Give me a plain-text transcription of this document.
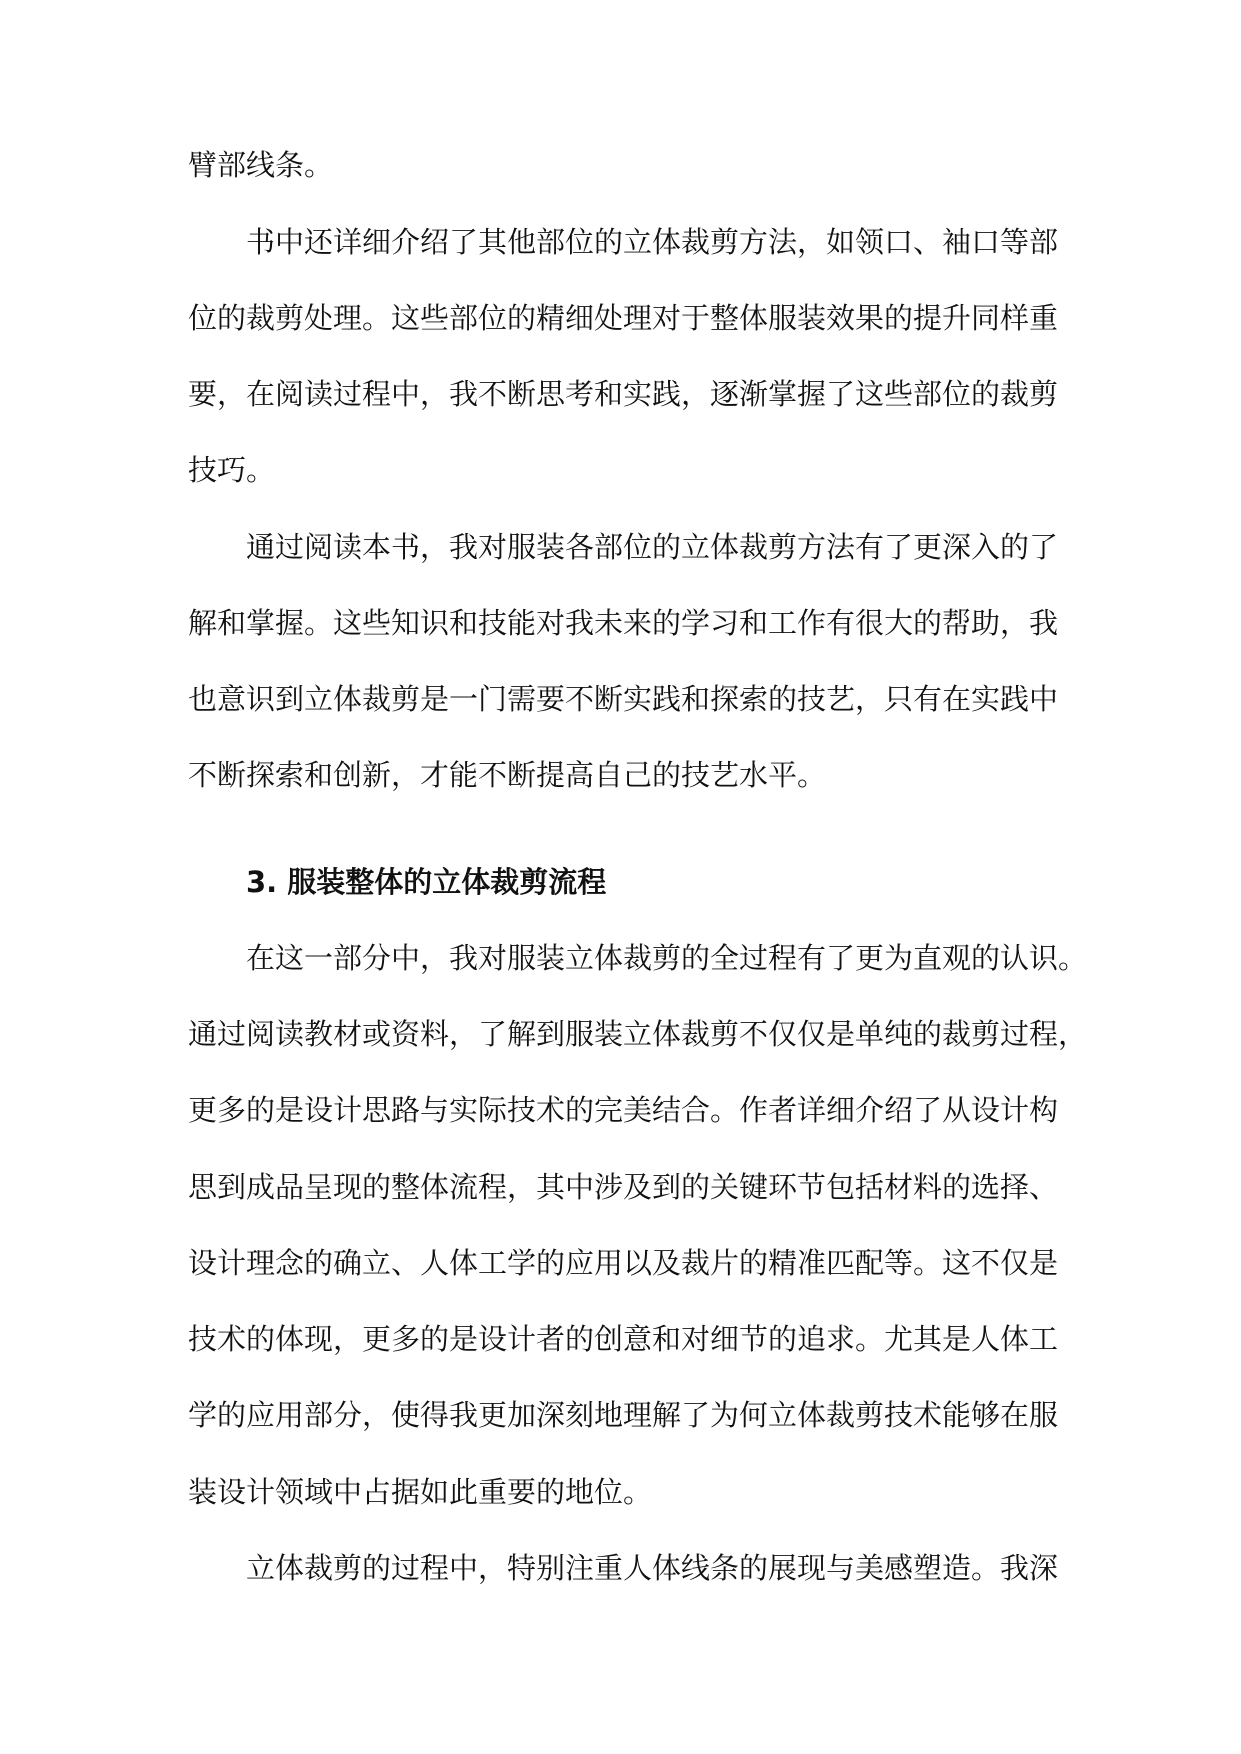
臂部线条。
书中还详细介绍了其他部位的立体裁剪方法，如领口、袖口等部
位的裁剪处理。这些部位的精细处理对于整体服装效果的提升同样重
要，在阅读过程中，我不断思考和实践，逐渐掌握了这些部位的裁剪
技巧。
通过阅读本书，我对服装各部位的立体裁剪方法有了更深入的了
解和掌握。这些知识和技能对我未来的学习和工作有很大的帮助，我
也意识到立体裁剪是一门需要不断实践和探索的技艺，只有在实践中
不断探索和创新，才能不断提高自己的技艺水平。
3. 服装整体的立体裁剪流程
在这一部分中，我对服装立体裁剪的全过程有了更为直观的认识。
通过阅读教材或资料，了解到服装立体裁剪不仅仅是单纯的裁剪过程，
更多的是设计思路与实际技术的完美结合。作者详细介绍了从设计构
思到成品呈现的整体流程，其中涉及到的关键环节包括材料的选择、
设计理念的确立、人体工学的应用以及裁片的精准匹配等。这不仅是
技术的体现，更多的是设计者的创意和对细节的追求。尤其是人体工
学的应用部分，使得我更加深刻地理解了为何立体裁剪技术能够在服
装设计领域中占据如此重要的地位。
立体裁剪的过程中，特别注重人体线条的展现与美感塑造。我深
